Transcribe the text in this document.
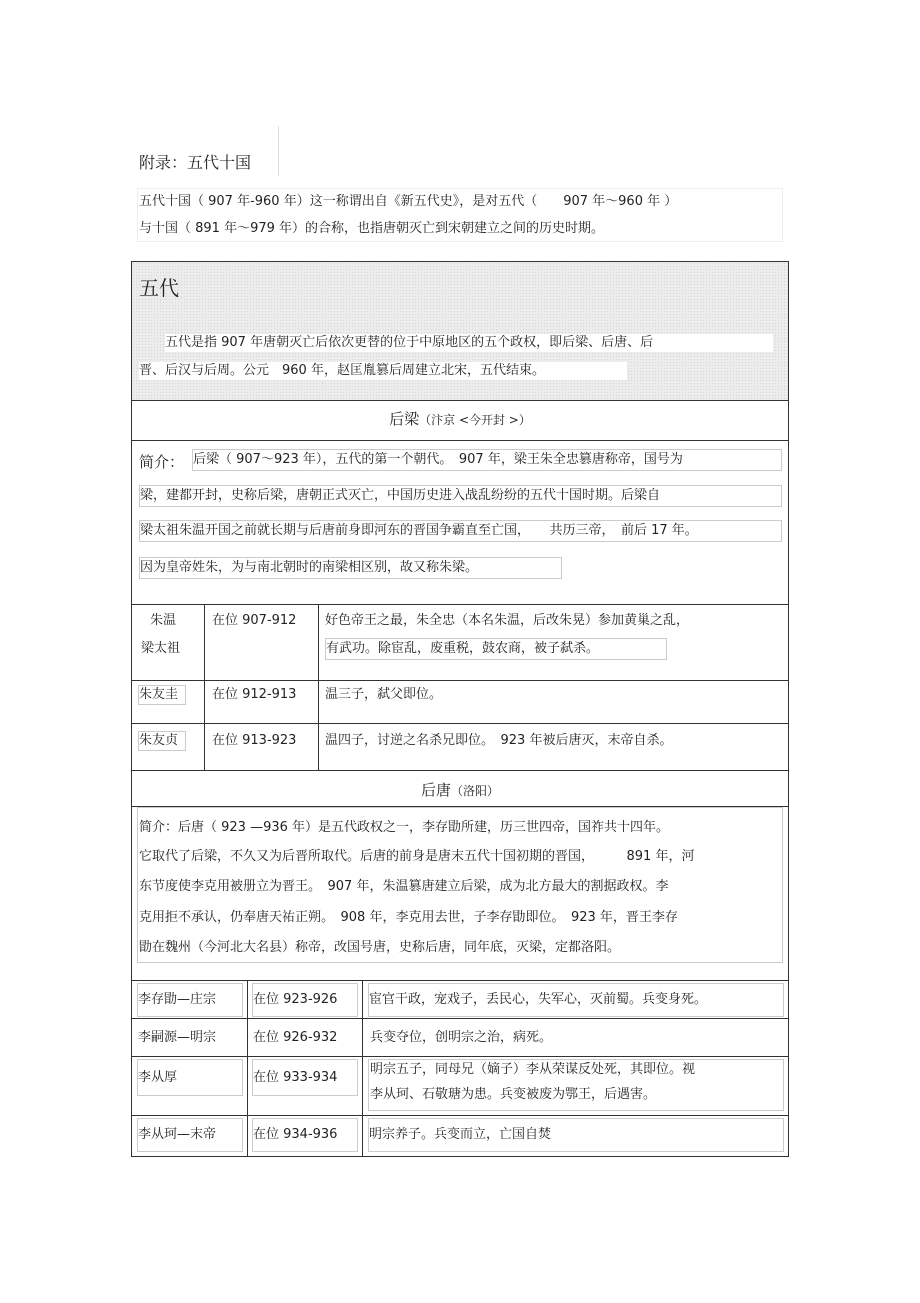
附录：五代十国
五代十国（ 907 年-960 年）这一称谓出自《新五代史》，是对五代（　　907 年～960 年 ）
与十国（ 891 年～979 年）的合称，也指唐朝灭亡到宋朝建立之间的历史时期。
五代
五代是指 907 年唐朝灭亡后依次更替的位于中原地区的五个政权，即后梁、后唐、后
晋、后汉与后周。公元　960 年，赵匡胤篡后周建立北宋，五代结束。
后梁（汴京 <今开封 >）
简介： 后梁（ 907～923 年），五代的第一个朝代。　907 年，梁王朱全忠篡唐称帝，国号为
梁，建都开封，史称后梁，唐朝正式灭亡，中国历史进入战乱纷纷的五代十国时期。后梁自
梁太祖朱温开国之前就长期与后唐前身即河东的晋国争霸直至亡国，　　共历三帝，　前后 17 年。
因为皇帝姓朱，为与南北朝时的南梁相区别，故又称朱梁。
朱温
梁太祖
在位 907-912 好色帝王之最，朱全忠（本名朱温，后改朱晃）参加黄巢之乱，
有武功。除宦乱，废重税，鼓农商，被子弑杀。
朱友圭	在位 912-913 温三子，弑父即位。
朱友贞	在位 913-923 温四子，讨逆之名杀兄即位。　923 年被后唐灭，末帝自杀。
后唐（洛阳）
简介：后唐（ 923 —936 年）是五代政权之一，李存勖所建，历三世四帝，国祚共十四年。
它取代了后梁，不久又为后晋所取代。后唐的前身是唐末五代十国初期的晋国，　　　891 年，河
东节度使李克用被册立为晋王。　907 年，朱温篡唐建立后梁，成为北方最大的割据政权。李
克用拒不承认，仍奉唐天祐正朔。　908 年，李克用去世，子李存勖即位。　923 年，晋王李存
勖在魏州（今河北大名县）称帝，改国号唐，史称后唐，同年底，灭梁，定都洛阳。
李存勖—庄宗	在位 923-926	宦官干政，宠戏子，丢民心，失军心，灭前蜀。兵变身死。
李嗣源—明宗	在位 926-932	兵变夺位，创明宗之治，病死。
李从厚	在位 933-934
明宗五子，同母兄（嫡子）李从荣谋反处死，其即位。视
李从珂、石敬瑭为患。兵变被废为鄂王，后遇害。
李从珂—末帝	在位 934-936	明宗养子。兵变而立，亡国自焚
